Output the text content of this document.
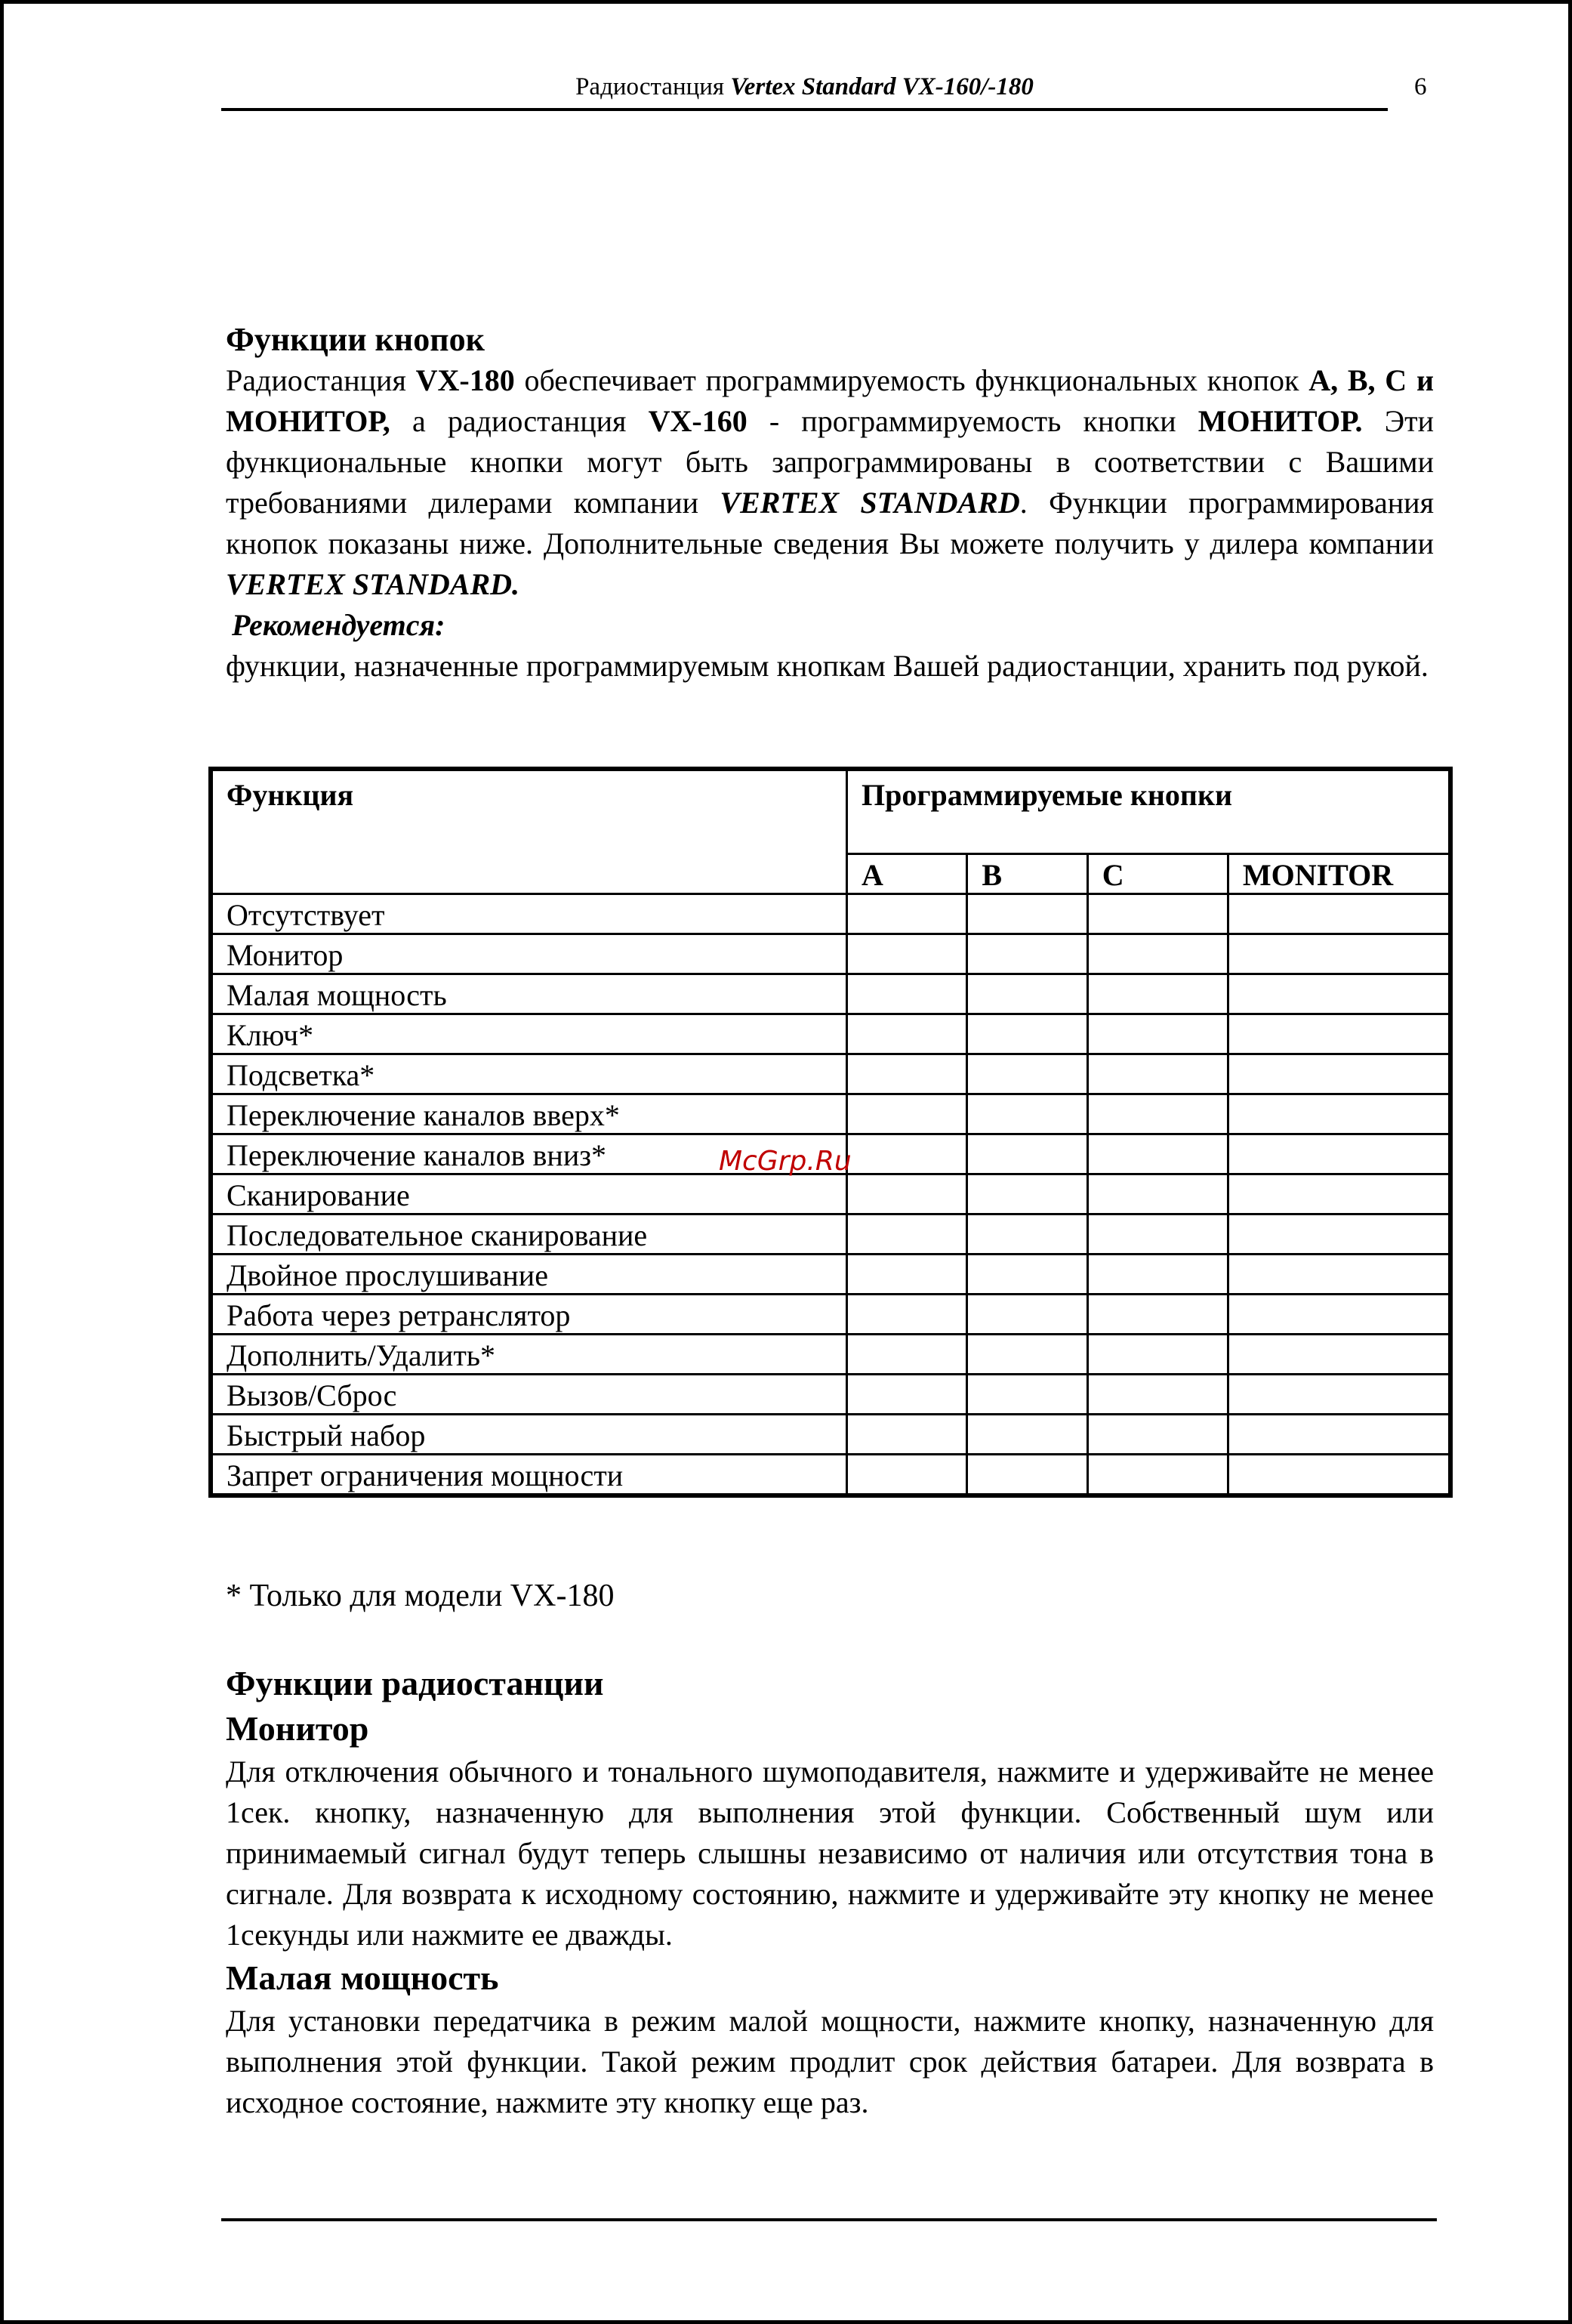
Радиостанция Vertex Standard VX-160/-180	6
Функции кнопок

Радиостанция VX-180 обеспечивает программируемость функциональных кнопок A, B, C и МОНИТОР, а радиостанция VX-160 - программируемость кнопки МОНИТОР. Эти функциональные кнопки могут быть запрограммированы в соответствии с Вашими требованиями дилерами компании VERTEX STANDARD. Функции программирования кнопок показаны ниже. Дополнительные сведения Вы можете получить у дилера компании VERTEX STANDARD.

Рекомендуется:

функции, назначенные программируемым кнопкам Вашей радиостанции, хранить под рукой.

Функция	Программируемые кнопки			
	A	B	C	MONITOR
Отсутствует				
Монитор				
Малая мощность				
Ключ*				
Подсветка*				
Переключение каналов вверх*				
Переключение каналов вниз*				
Сканирование				
Последовательное сканирование				
Двойное прослушивание				
Работа через ретранслятор				
Дополнить/Удалить*				
Вызов/Сброс				
Быстрый набор				
Запрет ограничения мощности				
McGrp.Ru
* Только для модели VX-180
Функции радиостанции
Монитор

Для отключения обычного и тонального шумоподавителя, нажмите и удерживайте не менее 1сек. кнопку, назначенную для выполнения этой функции. Собственный шум или принимаемый сигнал будут теперь слышны независимо от наличия или отсутствия тона в сигнале. Для возврата к исходному состоянию, нажмите и удерживайте эту кнопку не менее 1секунды или нажмите ее дважды.

Малая мощность

Для установки передатчика в режим малой мощности, нажмите кнопку, назначенную для выполнения этой функции. Такой режим продлит срок действия батареи. Для возврата в исходное состояние, нажмите эту кнопку еще раз.
